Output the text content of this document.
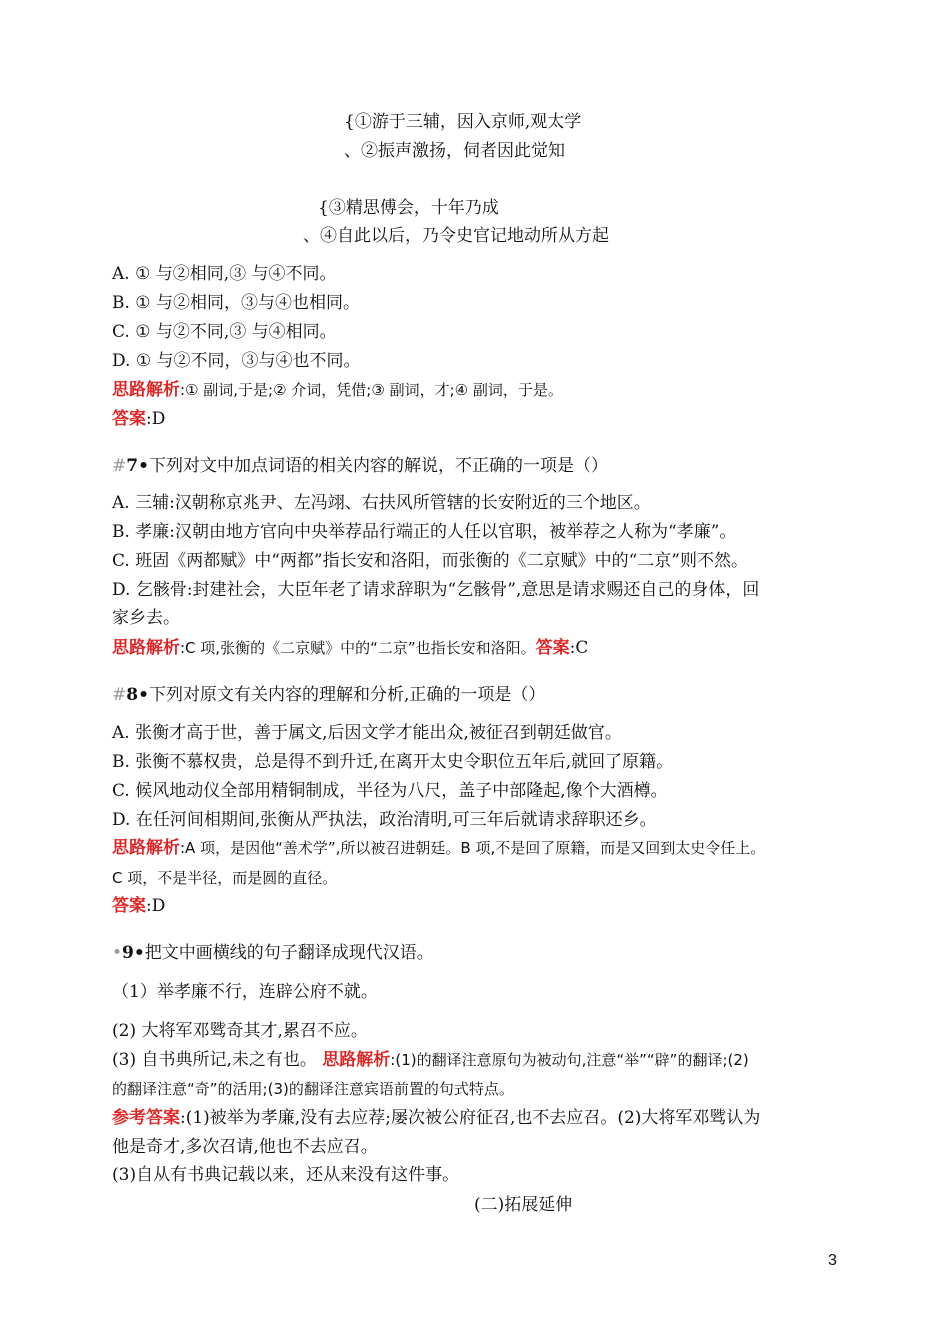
{①游于三辅，因入京师,观太学
、②振声激扬，伺者因此觉知
{③精思傅会，十年乃成
、④自此以后，乃令史官记地动所从方起
A. ① 与②相同,③ 与④不同。
B. ① 与②相同，③与④也相同。
C. ① 与②不同,③ 与④相同。
D. ① 与②不同，③与④也不同。
思路解析:① 副词,于是;② 介词，凭借;③ 副词，才;④ 副词，于是。
答案:D
#7•下列对文中加点词语的相关内容的解说，不正确的一项是（）
A. 三辅:汉朝称京兆尹、左冯翊、右扶风所管辖的长安附近的三个地区。
B. 孝廉:汉朝由地方官向中央举荐品行端正的人任以官职，被举荐之人称为“孝廉”。
C. 班固《两都赋》中“两都”指长安和洛阳，而张衡的《二京赋》中的“二京”则不然。
D. 乞骸骨:封建社会，大臣年老了请求辞职为“乞骸骨”,意思是请求赐还自己的身体，回
家乡去。
思路解析:C 项,张衡的《二京赋》中的“二京”也指长安和洛阳。答案:C
#8•下列对原文有关内容的理解和分析,正确的一项是（）
A. 张衡才高于世，善于属文,后因文学才能出众,被征召到朝廷做官。
B. 张衡不慕权贵，总是得不到升迁,在离开太史令职位五年后,就回了原籍。
C. 候风地动仪全部用精铜制成，半径为八尺，盖子中部隆起,像个大酒樽。
D. 在任河间相期间,张衡从严执法，政治清明,可三年后就请求辞职还乡。
思路解析:A 项，是因他“善术学”,所以被召进朝廷。B 项,不是回了原籍，而是又回到太史令任上。
C 项，不是半径，而是圆的直径。
答案:D
•9•把文中画横线的句子翻译成现代汉语。
（1）举孝廉不行，连辟公府不就。
(2) 大将军邓骘奇其才,累召不应。
(3) 自书典所记,未之有也。 思路解析:(1)的翻译注意原句为被动句,注意“举”“辟”的翻译;(2)
的翻译注意“奇”的活用;(3)的翻译注意宾语前置的句式特点。
参考答案:(1)被举为孝廉,没有去应荐;屡次被公府征召,也不去应召。(2)大将军邓骘认为
他是奇才,多次召请,他也不去应召。
(3)自从有书典记载以来，还从来没有这件事。
(二)拓展延伸
3
